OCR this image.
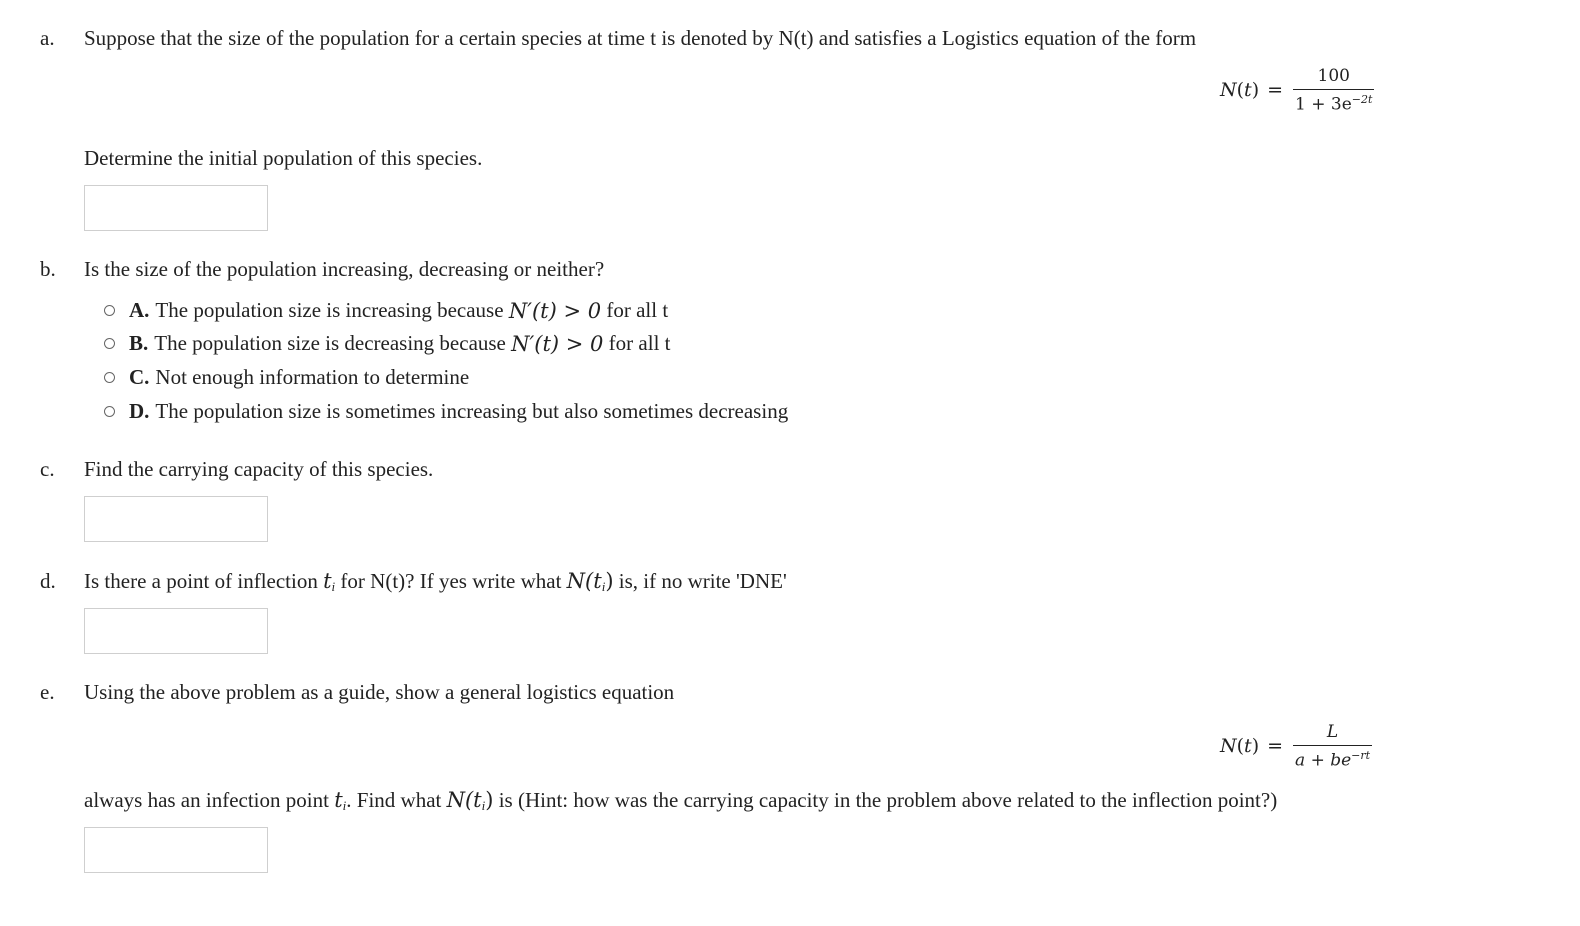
a. Suppose that the size of the population for a certain species at time t is denoted by N(t) and satisfies a Logistics equation of the form
$N(t) = \frac{100}{1 + 3e^{-2t}}$
Determine the initial population of this species.
b. Is the size of the population increasing, decreasing or neither?
A. The population size is increasing because
N′(t) > 0
for all t
B. The population size is decreasing because
N′(t) > 0
for all t
C. Not enough information to determine
D. The population size is sometimes increasing but also sometimes decreasing
c. Find the carrying capacity of this species.
d. Is there a point of inflection $t_i$ for N(t)? If yes write what $N(t_i)$ is, if no write 'DNE'
e. Using the above problem as a guide, show a general logistics equation
$N(t) = \frac{L}{a + be^{-rt}}$
always has an infection point $t_i$. Find what $N(t_i)$ is (Hint: how was the carrying capacity in the problem above related to the inflection point?)
